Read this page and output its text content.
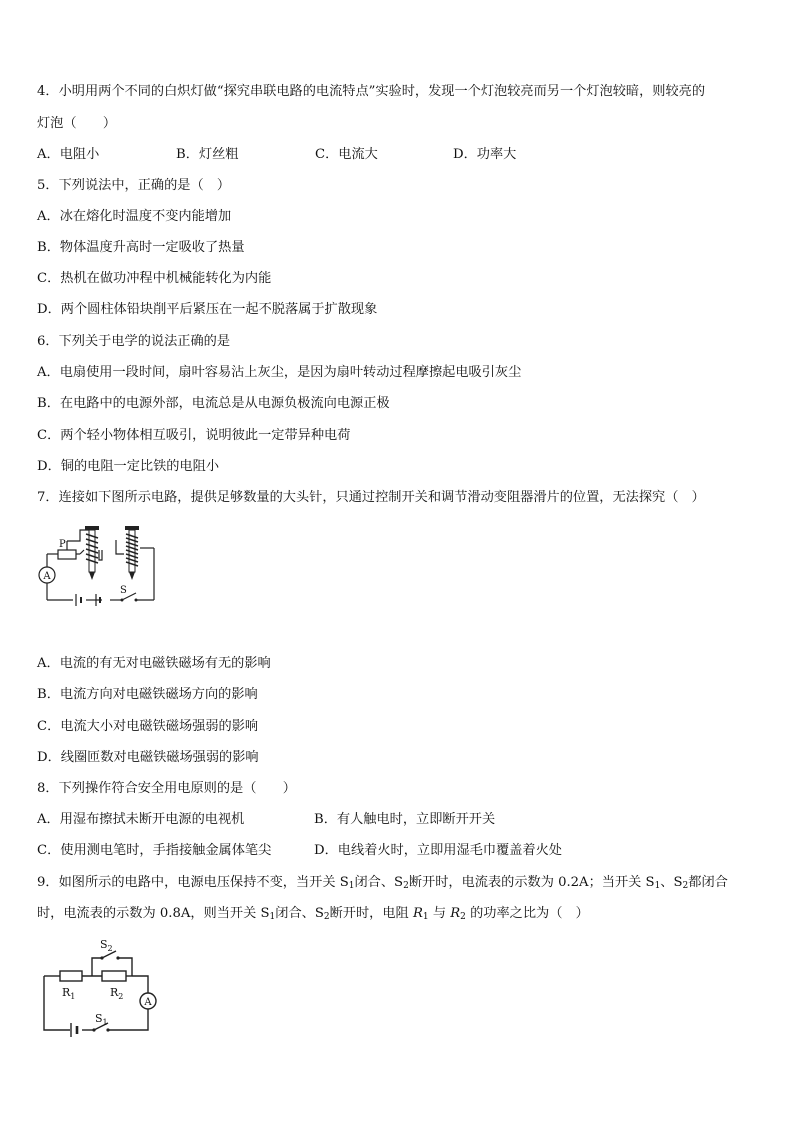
4．小明用两个不同的白炽灯做“探究串联电路的电流特点”实验时，发现一个灯泡较亮而另一个灯泡较暗，则较亮的
灯泡（　　）
A．电阻小	B．灯丝粗	C．电流大	D．功率大
5．下列说法中，正确的是（　）
A．冰在熔化时温度不变内能增加
B．物体温度升高时一定吸收了热量
C．热机在做功冲程中机械能转化为内能
D．两个圆柱体铅块削平后紧压在一起不脱落属于扩散现象
6．下列关于电学的说法正确的是
A．电扇使用一段时间，扇叶容易沾上灰尘，是因为扇叶转动过程摩擦起电吸引灰尘
B．在电路中的电源外部，电流总是从电源负极流向电源正极
C．两个轻小物体相互吸引，说明彼此一定带异种电荷
D．铜的电阻一定比铁的电阻小
7．连接如下图所示电路，提供足够数量的大头针，只通过控制开关和调节滑动变阻器滑片的位置，无法探究（　）
A
P
S
A．电流的有无对电磁铁磁场有无的影响
B．电流方向对电磁铁磁场方向的影响
C．电流大小对电磁铁磁场强弱的影响
D．线圈匝数对电磁铁磁场强弱的影响
8．下列操作符合安全用电原则的是（　　）
A．用湿布擦拭未断开电源的电视机	B．有人触电时，立即断开开关
C．使用测电笔时，手指接触金属体笔尖	D．电线着火时，立即用湿毛巾覆盖着火处
9．如图所示的电路中，电源电压保持不变，当开关 $S_1$闭合、$S_2$断开时，电流表的示数为 0.2A；当开关 $S_1$、$S_2$都闭合
时，电流表的示数为 0.8A，则当开关 $S_1$闭合、$S_2$断开时，电阻 $R_1$ 与 $R_2$ 的功率之比为（　）
A
$S_2$
$R_1$	$R_2$
$S_1$
